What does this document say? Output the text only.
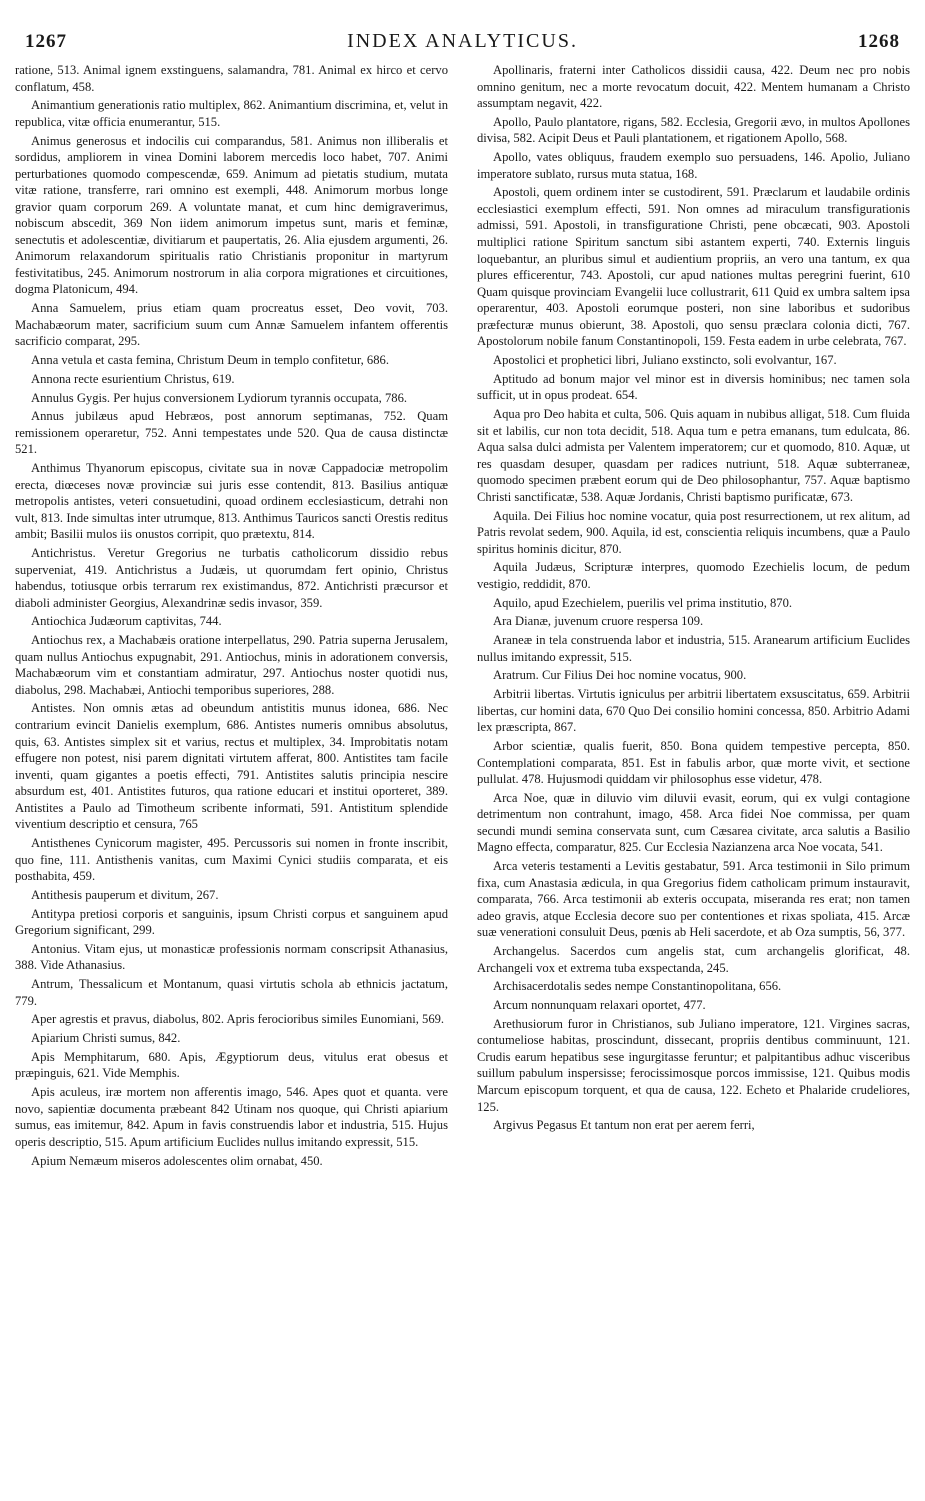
1267	INDEX ANALYTICUS.	1268

ratione, 513. Animal ignem exstinguens, salamandra, 781. Animal ex hirco et cervo conflatum, 458.

Animantium generationis ratio multiplex, 862. Animantium discrimina, et, velut in republica, vitæ officia enumerantur, 515.

Animus generosus et indocilis cui comparandus, 581. Animus non illiberalis et sordidus, ampliorem in vinea Domini laborem mercedis loco habet, 707. Animi perturbationes quomodo compescendæ, 659. Animum ad pietatis studium, mutata vitæ ratione, transferre, rari omnino est exempli, 448. Animorum morbus longe gravior quam corporum 269. A voluntate manat, et cum hinc demigraverimus, nobiscum abscedit, 369 Non iidem animorum impetus sunt, maris et feminæ, senectutis et adolescentiæ, divitiarum et paupertatis, 26. Alia ejusdem argumenti, 26. Animorum relaxandorum spiritualis ratio Christianis proponitur in martyrum festivitatibus, 245. Animorum nostrorum in alia corpora migrationes et circuitiones, dogma Platonicum, 494.

Anna Samuelem, prius etiam quam procreatus esset, Deo vovit, 703. Machabæorum mater, sacrificium suum cum Annæ Samuelem infantem offerentis sacrificio comparat, 295.

Anna vetula et casta femina, Christum Deum in templo confitetur, 686.

Annona recte esurientium Christus, 619.

Annulus Gygis. Per hujus conversionem Lydiorum tyrannis occupata, 786.

Annus jubilæus apud Hebræos, post annorum septimanas, 752. Quam remissionem operaretur, 752. Anni tempestates unde 520. Qua de causa distinctæ 521.

Anthimus Thyanorum episcopus, civitate sua in novæ Cappadociæ metropolim erecta, diœceses novæ provinciæ sui juris esse contendit, 813. Basilius antiquæ metropolis antistes, veteri consuetudini, quoad ordinem ecclesiasticum, detrahi non vult, 813. Inde simultas inter utrumque, 813. Anthimus Tauricos sancti Orestis reditus ambit; Basilii mulos iis onustos corripit, quo prætextu, 814.

Antichristus. Veretur Gregorius ne turbatis catholicorum dissidio rebus superveniat, 419. Antichristus a Judæis, ut quorumdam fert opinio, Christus habendus, totiusque orbis terrarum rex existimandus, 872. Antichristi præcursor et diaboli administer Georgius, Alexandrinæ sedis invasor, 359.

Antiochica Judæorum captivitas, 744.

Antiochus rex, a Machabæis oratione interpellatus, 290. Patria superna Jerusalem, quam nullus Antiochus expugnabit, 291. Antiochus, minis in adorationem conversis, Machabæorum vim et constantiam admiratur, 297. Antiochus noster quotidi nus, diabolus, 298. Machabæi, Antiochi temporibus superiores, 288.

Antistes. Non omnis ætas ad obeundum antistitis munus idonea, 686. Nec contrarium evincit Danielis exemplum, 686. Antistes numeris omnibus absolutus, quis, 63. Antistes simplex sit et varius, rectus et multiplex, 34. Improbitatis notam effugere non potest, nisi parem dignitati virtutem afferat, 800. Antistites tam facile inventi, quam gigantes a poetis effecti, 791. Antistites salutis principia nescire absurdum est, 401. Antistites futuros, qua ratione educari et institui oporteret, 389. Antistites a Paulo ad Timotheum scribente informati, 591. Antistitum splendide viventium descriptio et censura, 765

Antisthenes Cynicorum magister, 495. Percussoris sui nomen in fronte inscribit, quo fine, 111. Antisthenis vanitas, cum Maximi Cynici studiis comparata, et eis posthabita, 459.

Antithesis pauperum et divitum, 267.

Antitypa pretiosi corporis et sanguinis, ipsum Christi corpus et sanguinem apud Gregorium significant, 299.

Antonius. Vitam ejus, ut monasticæ professionis normam conscripsit Athanasius, 388. Vide Athanasius.

Antrum, Thessalicum et Montanum, quasi virtutis schola ab ethnicis jactatum, 779.

Aper agrestis et pravus, diabolus, 802. Apris ferocioribus similes Eunomiani, 569.

Apiarium Christi sumus, 842.

Apis Memphitarum, 680. Apis, Ægyptiorum deus, vitulus erat obesus et præpinguis, 621. Vide Memphis.

Apis aculeus, iræ mortem non afferentis imago, 546. Apes quot et quanta. vere novo, sapientiæ documenta præbeant 842 Utinam nos quoque, qui Christi apiarium sumus, eas imitemur, 842. Apum in favis construendis labor et industria, 515. Hujus operis descriptio, 515. Apum artificium Euclides nullus imitando expressit, 515.

Apium Nemæum miseros adolescentes olim ornabat, 450.

Apollinaris, fraterni inter Catholicos dissidii causa, 422. Deum nec pro nobis omnino genitum, nec a morte revocatum docuit, 422. Mentem humanam a Christo assumptam negavit, 422.

Apollo, Paulo plantatore, rigans, 582. Ecclesia, Gregorii ævo, in multos Apollones divisa, 582. Acipit Deus et Pauli plantationem, et rigationem Apollo, 568.

Apollo, vates obliquus, fraudem exemplo suo persuadens, 146. Apolio, Juliano imperatore sublato, rursus muta statua, 168.

Apostoli, quem ordinem inter se custodirent, 591. Præclarum et laudabile ordinis ecclesiastici exemplum effecti, 591. Non omnes ad miraculum transfigurationis admissi, 591. Apostoli, in transfiguratione Christi, pene obcæcati, 903. Apostoli multiplici ratione Spiritum sanctum sibi astantem experti, 740. Externis linguis loquebantur, an pluribus simul et audientium propriis, an vero una tantum, ex qua plures efficerentur, 743. Apostoli, cur apud nationes multas peregrini fuerint, 610 Quam quisque provinciam Evangelii luce collustrarit, 611 Quid ex umbra saltem ipsa operarentur, 403. Apostoli eorumque posteri, non sine laboribus et sudoribus præfecturæ munus obierunt, 38. Apostoli, quo sensu præclara colonia dicti, 767. Apostolorum nobile fanum Constantinopoli, 159. Festa eadem in urbe celebrata, 767.

Apostolici et prophetici libri, Juliano exstincto, soli evolvantur, 167.

Aptitudo ad bonum major vel minor est in diversis hominibus; nec tamen sola sufficit, ut in opus prodeat. 654.

Aqua pro Deo habita et culta, 506. Quis aquam in nubibus alligat, 518. Cum fluida sit et labilis, cur non tota decidit, 518. Aqua tum e petra emanans, tum edulcata, 86. Aqua salsa dulci admista per Valentem imperatorem; cur et quomodo, 810. Aquæ, ut res quasdam desuper, quasdam per radices nutriunt, 518. Aquæ subterraneæ, quomodo specimen præbent eorum qui de Deo philosophantur, 757. Aquæ baptismo Christi sanctificatæ, 538. Aquæ Jordanis, Christi baptismo purificatæ, 673.

Aquila. Dei Filius hoc nomine vocatur, quia post resurrectionem, ut rex alitum, ad Patris revolat sedem, 900. Aquila, id est, conscientia reliquis incumbens, quæ a Paulo spiritus hominis dicitur, 870.

Aquila Judæus, Scripturæ interpres, quomodo Ezechielis locum, de pedum vestigio, reddidit, 870.

Aquilo, apud Ezechielem, puerilis vel prima institutio, 870.

Ara Dianæ, juvenum cruore respersa 109.

Araneæ in tela construenda labor et industria, 515. Aranearum artificium Euclides nullus imitando expressit, 515.

Aratrum. Cur Filius Dei hoc nomine vocatus, 900.

Arbitrii libertas. Virtutis igniculus per arbitrii libertatem exsuscitatus, 659. Arbitrii libertas, cur homini data, 670 Quo Dei consilio homini concessa, 850. Arbitrio Adami lex præscripta, 867.

Arbor scientiæ, qualis fuerit, 850. Bona quidem tempestive percepta, 850. Contemplationi comparata, 851. Est in fabulis arbor, quæ morte vivit, et sectione pullulat. 478. Hujusmodi quiddam vir philosophus esse videtur, 478.

Arca Noe, quæ in diluvio vim diluvii evasit, eorum, qui ex vulgi contagione detrimentum non contrahunt, imago, 458. Arca fidei Noe commissa, per quam secundi mundi semina conservata sunt, cum Cæsarea civitate, arca salutis a Basilio Magno effecta, comparatur, 825. Cur Ecclesia Nazianzena arca Noe vocata, 541.

Arca veteris testamenti a Levitis gestabatur, 591. Arca testimonii in Silo primum fixa, cum Anastasia ædicula, in qua Gregorius fidem catholicam primum instauravit, comparata, 766. Arca testimonii ab exteris occupata, miseranda res erat; non tamen adeo gravis, atque Ecclesia decore suo per contentiones et rixas spoliata, 415. Arcæ suæ venerationi consuluit Deus, pœnis ab Heli sacerdote, et ab Oza sumptis, 56, 377.

Archangelus. Sacerdos cum angelis stat, cum archangelis glorificat, 48. Archangeli vox et extrema tuba exspectanda, 245.

Archisacerdotalis sedes nempe Constantinopolitana, 656.

Arcum nonnunquam relaxari oportet, 477.

Arethusiorum furor in Christianos, sub Juliano imperatore, 121. Virgines sacras, contumeliose habitas, proscindunt, dissecant, propriis dentibus comminuunt, 121. Crudis earum hepatibus sese ingurgitasse feruntur; et palpitantibus adhuc visceribus suillum pabulum inspersisse; ferocissimosque porcos immissise, 121. Quibus modis Marcum episcopum torquent, et qua de causa, 122. Echeto et Phalaride crudeliores, 125.

Argivus Pegasus Et tantum non erat per aerem ferri,
